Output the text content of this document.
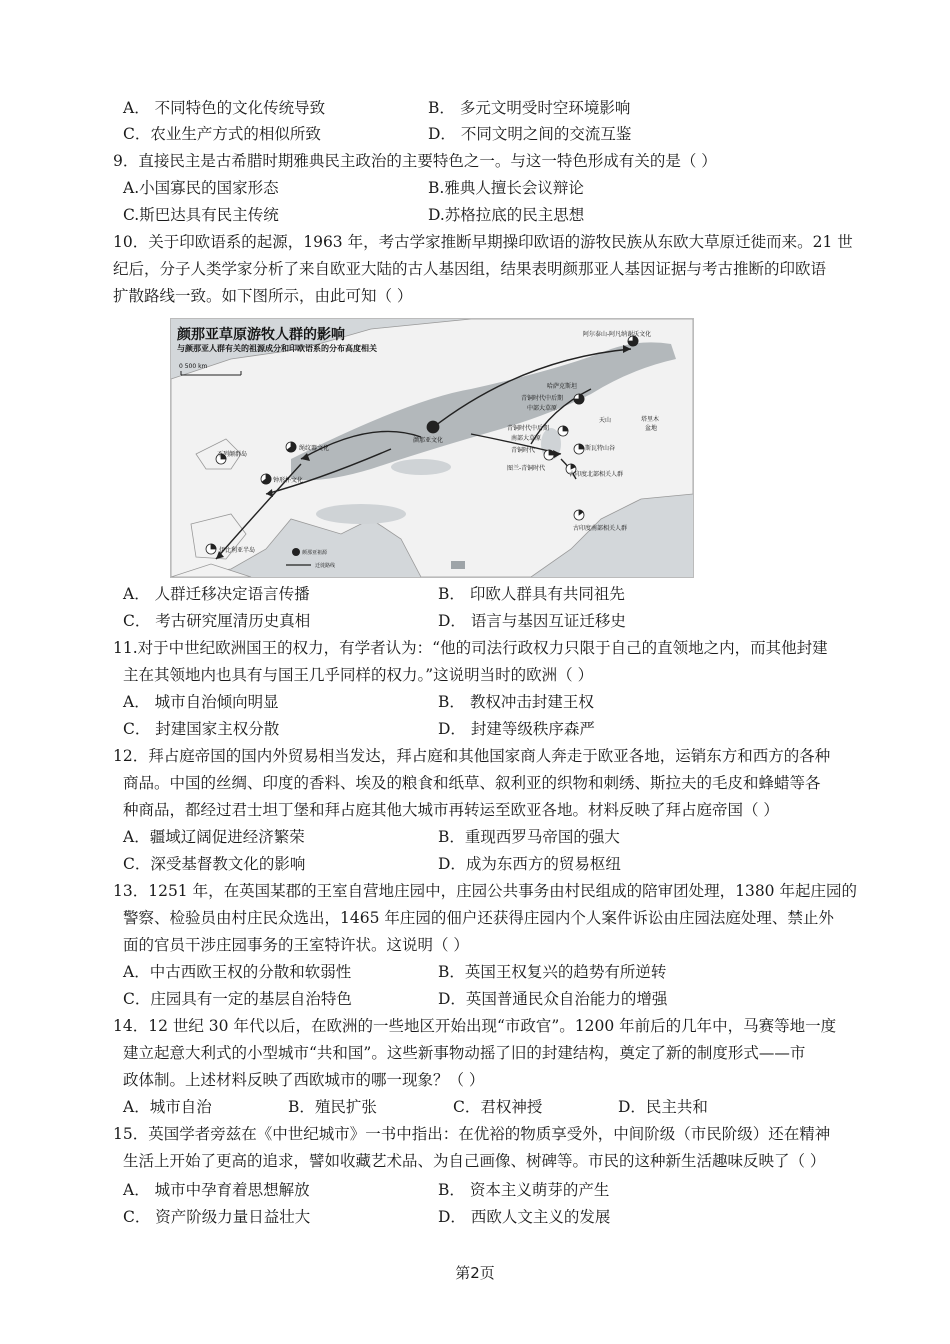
A． 不同特色的文化传统导致	B． 多元文明受时空环境影响
C．农业生产方式的相似所致	D． 不同文明之间的交流互鉴
9．直接民主是古希腊时期雅典民主政治的主要特色之一。与这一特色形成有关的是（ ）
A.小国寡民的国家形态	B.雅典人擅长会议辩论
C.斯巴达具有民主传统	D.苏格拉底的民主思想
10．关于印欧语系的起源，1963 年，考古学家推断早期操印欧语的游牧民族从东欧大草原迁徙而来。21 世
纪后，分子人类学家分析了来自欧亚大陆的古人基因组，结果表明颜那亚人基因证据与考古推断的印欧语
扩散路线一致。如下图所示，由此可知（ ）
颜那亚草原游牧人群的影响
与颜那亚人群有关的祖源成分和印欧语系的分布高度相关
0 500 km
阿尔泰山-阿凡纳谢沃文化
哈萨克斯坦
青铜时代中后期
中部大草原
青铜时代中后期
南部大草原
青铜时代
图兰-青铜时代
斯瓦特山谷
古印度北部相关人群
古印度南部相关人群
颜那亚文化
绳纹器文化
钟形杯文化
不列颠群岛
伊比利亚半岛
塔里木
盆地
天山
颜那亚祖源
迁徙路线
A． 人群迁移决定语言传播	B． 印欧人群具有共同祖先
C． 考古研究厘清历史真相	D． 语言与基因互证迁移史
11.对于中世纪欧洲国王的权力，有学者认为：“他的司法行政权力只限于自己的直领地之内，而其他封建
主在其领地内也具有与国王几乎同样的权力。”这说明当时的欧洲（ ）
A． 城市自治倾向明显	B． 教权冲击封建王权
C． 封建国家主权分散	D． 封建等级秩序森严
12．拜占庭帝国的国内外贸易相当发达，拜占庭和其他国家商人奔走于欧亚各地，运销东方和西方的各种
商品。中国的丝绸、印度的香料、埃及的粮食和纸草、叙利亚的织物和刺绣、斯拉夫的毛皮和蜂蜡等各
种商品，都经过君士坦丁堡和拜占庭其他大城市再转运至欧亚各地。材料反映了拜占庭帝国（ ）
A．疆域辽阔促进经济繁荣	B．重现西罗马帝国的强大
C．深受基督教文化的影响	D．成为东西方的贸易枢纽
13．1251 年，在英国某郡的王室自营地庄园中，庄园公共事务由村民组成的陪审团处理，1380 年起庄园的
警察、检验员由村庄民众选出，1465 年庄园的佃户还获得庄园内个人案件诉讼由庄园法庭处理、禁止外
面的官员干涉庄园事务的王室特许状。这说明（ ）
A．中古西欧王权的分散和软弱性	B．英国王权复兴的趋势有所逆转
C．庄园具有一定的基层自治特色	D．英国普通民众自治能力的增强
14．12 世纪 30 年代以后，在欧洲的一些地区开始出现“市政官”。1200 年前后的几年中，马赛等地一度
建立起意大利式的小型城市“共和国”。这些新事物动摇了旧的封建结构，奠定了新的制度形式——市
政体制。上述材料反映了西欧城市的哪一现象？（ ）
A．城市自治	B．殖民扩张	C．君权神授	D．民主共和
15．英国学者旁兹在《中世纪城市》一书中指出：在优裕的物质享受外，中间阶级（市民阶级）还在精神
生活上开始了更高的追求，譬如收藏艺术品、为自己画像、树碑等。市民的这种新生活趣味反映了（ ）
A． 城市中孕育着思想解放	B． 资本主义萌芽的产生
C． 资产阶级力量日益壮大	D． 西欧人文主义的发展
第2页
